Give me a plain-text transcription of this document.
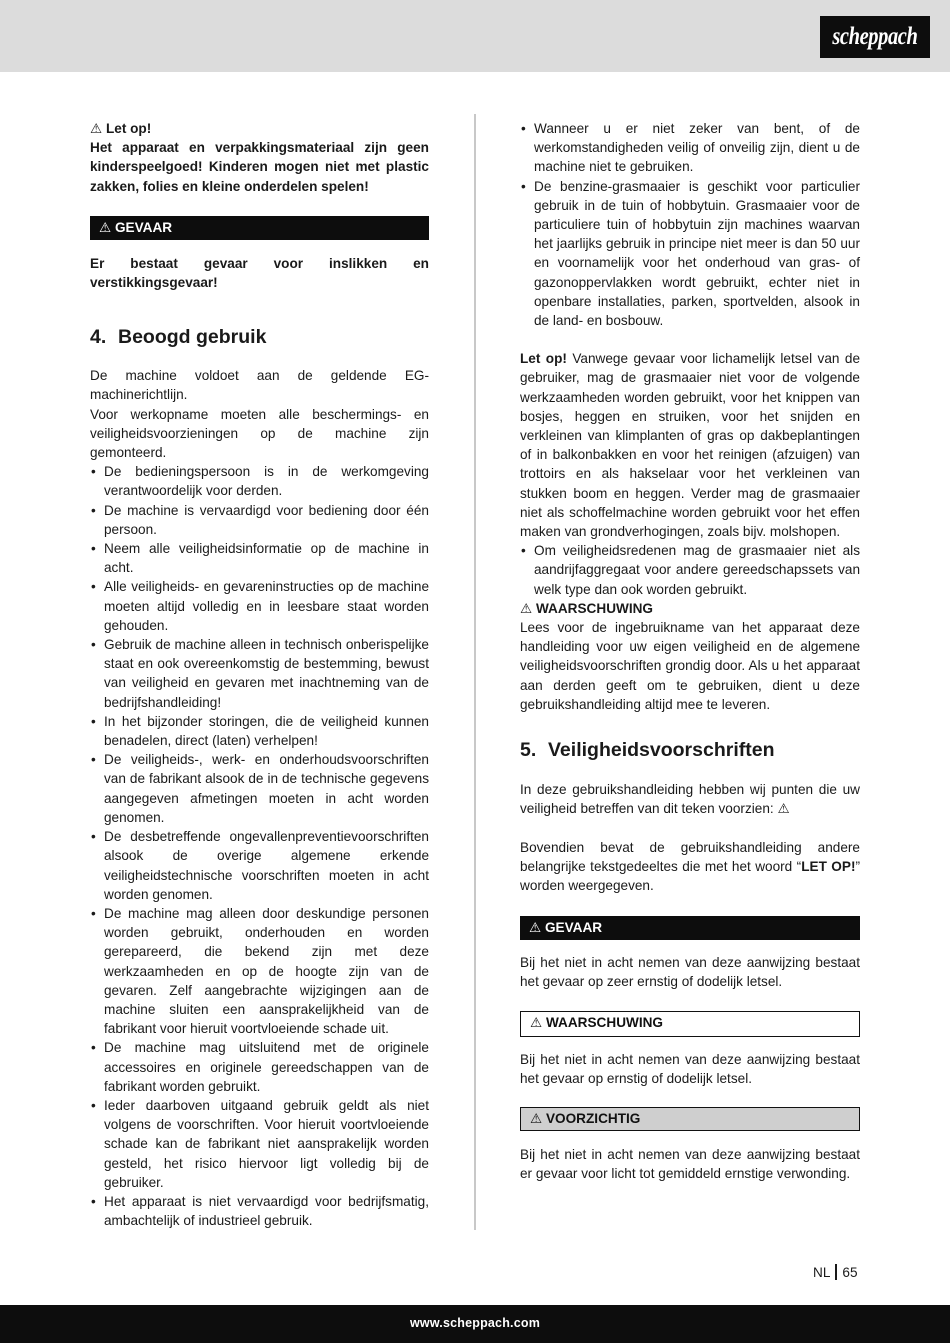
scheppach

⚠ Let op!

Het apparaat en verpakkingsmateriaal zijn geen kinderspeelgoed! Kinderen mogen niet met plastic zakken, folies en kleine onderdelen spelen!

⚠ GEVAAR

Er bestaat gevaar voor inslikken en verstikkingsgevaar!

4. Beoogd gebruik

De machine voldoet aan de geldende EG-machinerichtlijn.

Voor werkopname moeten alle beschermings- en veiligheidsvoorzieningen op de machine zijn gemonteerd.

• De bedieningspersoon is in de werkomgeving verantwoordelijk voor derden.
• De machine is vervaardigd voor bediening door één persoon.
• Neem alle veiligheidsinformatie op de machine in acht.
• Alle veiligheids- en gevareninstructies op de machine moeten altijd volledig en in leesbare staat worden gehouden.
• Gebruik de machine alleen in technisch onberispelijke staat en ook overeenkomstig de bestemming, bewust van veiligheid en gevaren met inachtneming van de bedrijfshandleiding!
• In het bijzonder storingen, die de veiligheid kunnen benadelen, direct (laten) verhelpen!
• De veiligheids-, werk- en onderhoudsvoorschriften van de fabrikant alsook de in de technische gegevens aangegeven afmetingen moeten in acht worden genomen.
• De desbetreffende ongevallenpreventievoorschriften alsook de overige algemene erkende veiligheidstechnische voorschriften moeten in acht worden genomen.
• De machine mag alleen door deskundige personen worden gebruikt, onderhouden en worden gerepareerd, die bekend zijn met deze werkzaamheden en op de hoogte zijn van de gevaren. Zelf aangebrachte wijzigingen aan de machine sluiten een aansprakelijkheid van de fabrikant voor hieruit voortvloeiende schade uit.
• De machine mag uitsluitend met de originele accessoires en originele gereedschappen van de fabrikant worden gebruikt.
• Ieder daarboven uitgaand gebruik geldt als niet volgens de voorschriften. Voor hieruit voortvloeiende schade kan de fabrikant niet aansprakelijk worden gesteld, het risico hiervoor ligt volledig bij de gebruiker.
• Het apparaat is niet vervaardigd voor bedrijfsmatig, ambachtelijk of industrieel gebruik.
• Wanneer u er niet zeker van bent, of de werkomstandigheden veilig of onveilig zijn, dient u de machine niet te gebruiken.
• De benzine-grasmaaier is geschikt voor particulier gebruik in de tuin of hobbytuin. Grasmaaier voor de particuliere tuin of hobbytuin zijn machines waarvan het jaarlijks gebruik in principe niet meer is dan 50 uur en voornamelijk voor het onderhoud van gras- of gazonoppervlakken wordt gebruikt, echter niet in openbare installaties, parken, sportvelden, alsook in de land- en bosbouw.

Let op! Vanwege gevaar voor lichamelijk letsel van de gebruiker, mag de grasmaaier niet voor de volgende werkzaamheden worden gebruikt, voor het knippen van bosjes, heggen en struiken, voor het snijden en verkleinen van klimplanten of gras op dakbeplantingen of in balkonbakken en voor het reinigen (afzuigen) van trottoirs en als hakselaar voor het verkleinen van stukken boom en heggen. Verder mag de grasmaaier niet als schoffelmachine worden gebruikt voor het effen maken van grondverhogingen, zoals bijv. molshopen.

• Om veiligheidsredenen mag de grasmaaier niet als aandrijfaggregaat voor andere gereedschapssets van welk type dan ook worden gebruikt.

⚠ WAARSCHUWING

Lees voor de ingebruikname van het apparaat deze handleiding voor uw eigen veiligheid en de algemene veiligheidsvoorschriften grondig door. Als u het apparaat aan derden geeft om te gebruiken, dient u deze gebruikshandleiding altijd mee te leveren.

5. Veiligheidsvoorschriften

In deze gebruikshandleiding hebben wij punten die uw veiligheid betreffen van dit teken voorzien: ⚠

Bovendien bevat de gebruikshandleiding andere belangrijke tekstgedeeltes die met het woord “LET OP!” worden weergegeven.

⚠ GEVAAR

Bij het niet in acht nemen van deze aanwijzing bestaat het gevaar op zeer ernstig of dodelijk letsel.

⚠ WAARSCHUWING

Bij het niet in acht nemen van deze aanwijzing bestaat het gevaar op ernstig of dodelijk letsel.

⚠ VOORZICHTIG

Bij het niet in acht nemen van deze aanwijzing bestaat er gevaar voor licht tot gemiddeld ernstige verwonding.

NL 65
www.scheppach.com
